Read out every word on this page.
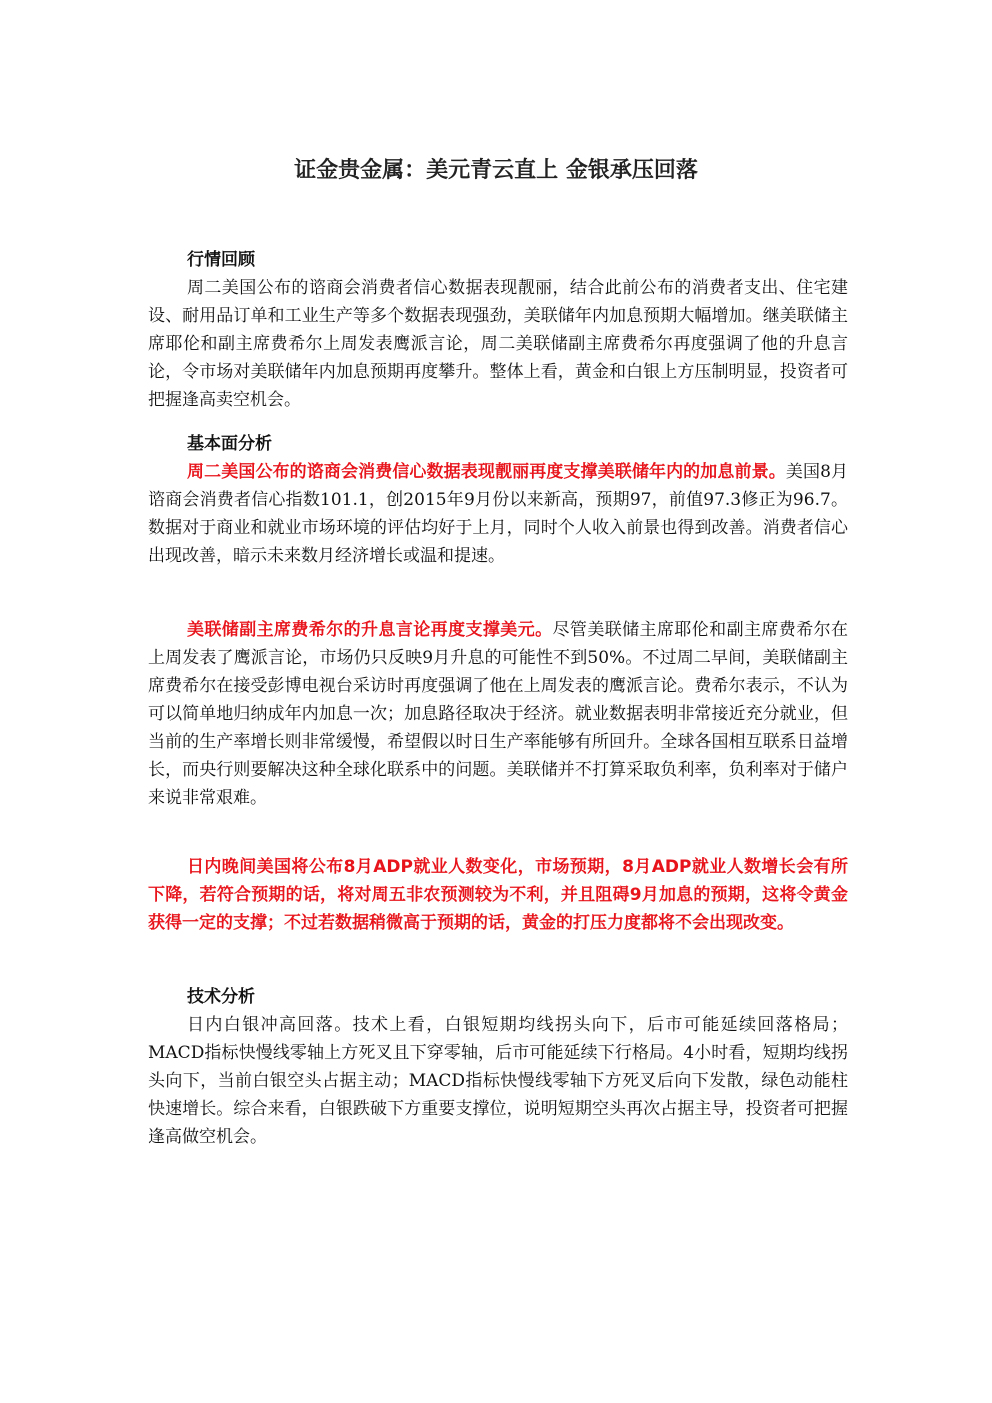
证金贵金属：美元青云直上 金银承压回落

行情回顾

周二美国公布的谘商会消费者信心数据表现靓丽，结合此前公布的消费者支出、住宅建设、耐用品订单和工业生产等多个数据表现强劲，美联储年内加息预期大幅增加。继美联储主席耶伦和副主席费希尔上周发表鹰派言论，周二美联储副主席费希尔再度强调了他的升息言论，令市场对美联储年内加息预期再度攀升。整体上看，黄金和白银上方压制明显，投资者可把握逢高卖空机会。

基本面分析

周二美国公布的谘商会消费信心数据表现靓丽再度支撑美联储年内的加息前景。美国8月谘商会消费者信心指数101.1，创2015年9月份以来新高，预期97，前值97.3修正为96.7。数据对于商业和就业市场环境的评估均好于上月，同时个人收入前景也得到改善。消费者信心出现改善，暗示未来数月经济增长或温和提速。

美联储副主席费希尔的升息言论再度支撑美元。尽管美联储主席耶伦和副主席费希尔在上周发表了鹰派言论，市场仍只反映9月升息的可能性不到50%。不过周二早间，美联储副主席费希尔在接受彭博电视台采访时再度强调了他在上周发表的鹰派言论。费希尔表示，不认为可以简单地归纳成年内加息一次；加息路径取决于经济。就业数据表明非常接近充分就业，但当前的生产率增长则非常缓慢，希望假以时日生产率能够有所回升。全球各国相互联系日益增长，而央行则要解决这种全球化联系中的问题。美联储并不打算采取负利率，负利率对于储户来说非常艰难。

日内晚间美国将公布8月ADP就业人数变化，市场预期，8月ADP就业人数增长会有所下降，若符合预期的话，将对周五非农预测较为不利，并且阻碍9月加息的预期，这将令黄金获得一定的支撑；不过若数据稍微高于预期的话，黄金的打压力度都将不会出现改变。

技术分析

日内白银冲高回落。技术上看，白银短期均线拐头向下，后市可能延续回落格局；MACD指标快慢线零轴上方死叉且下穿零轴，后市可能延续下行格局。4小时看，短期均线拐头向下，当前白银空头占据主动；MACD指标快慢线零轴下方死叉后向下发散，绿色动能柱快速增长。综合来看，白银跌破下方重要支撑位，说明短期空头再次占据主导，投资者可把握逢高做空机会。
